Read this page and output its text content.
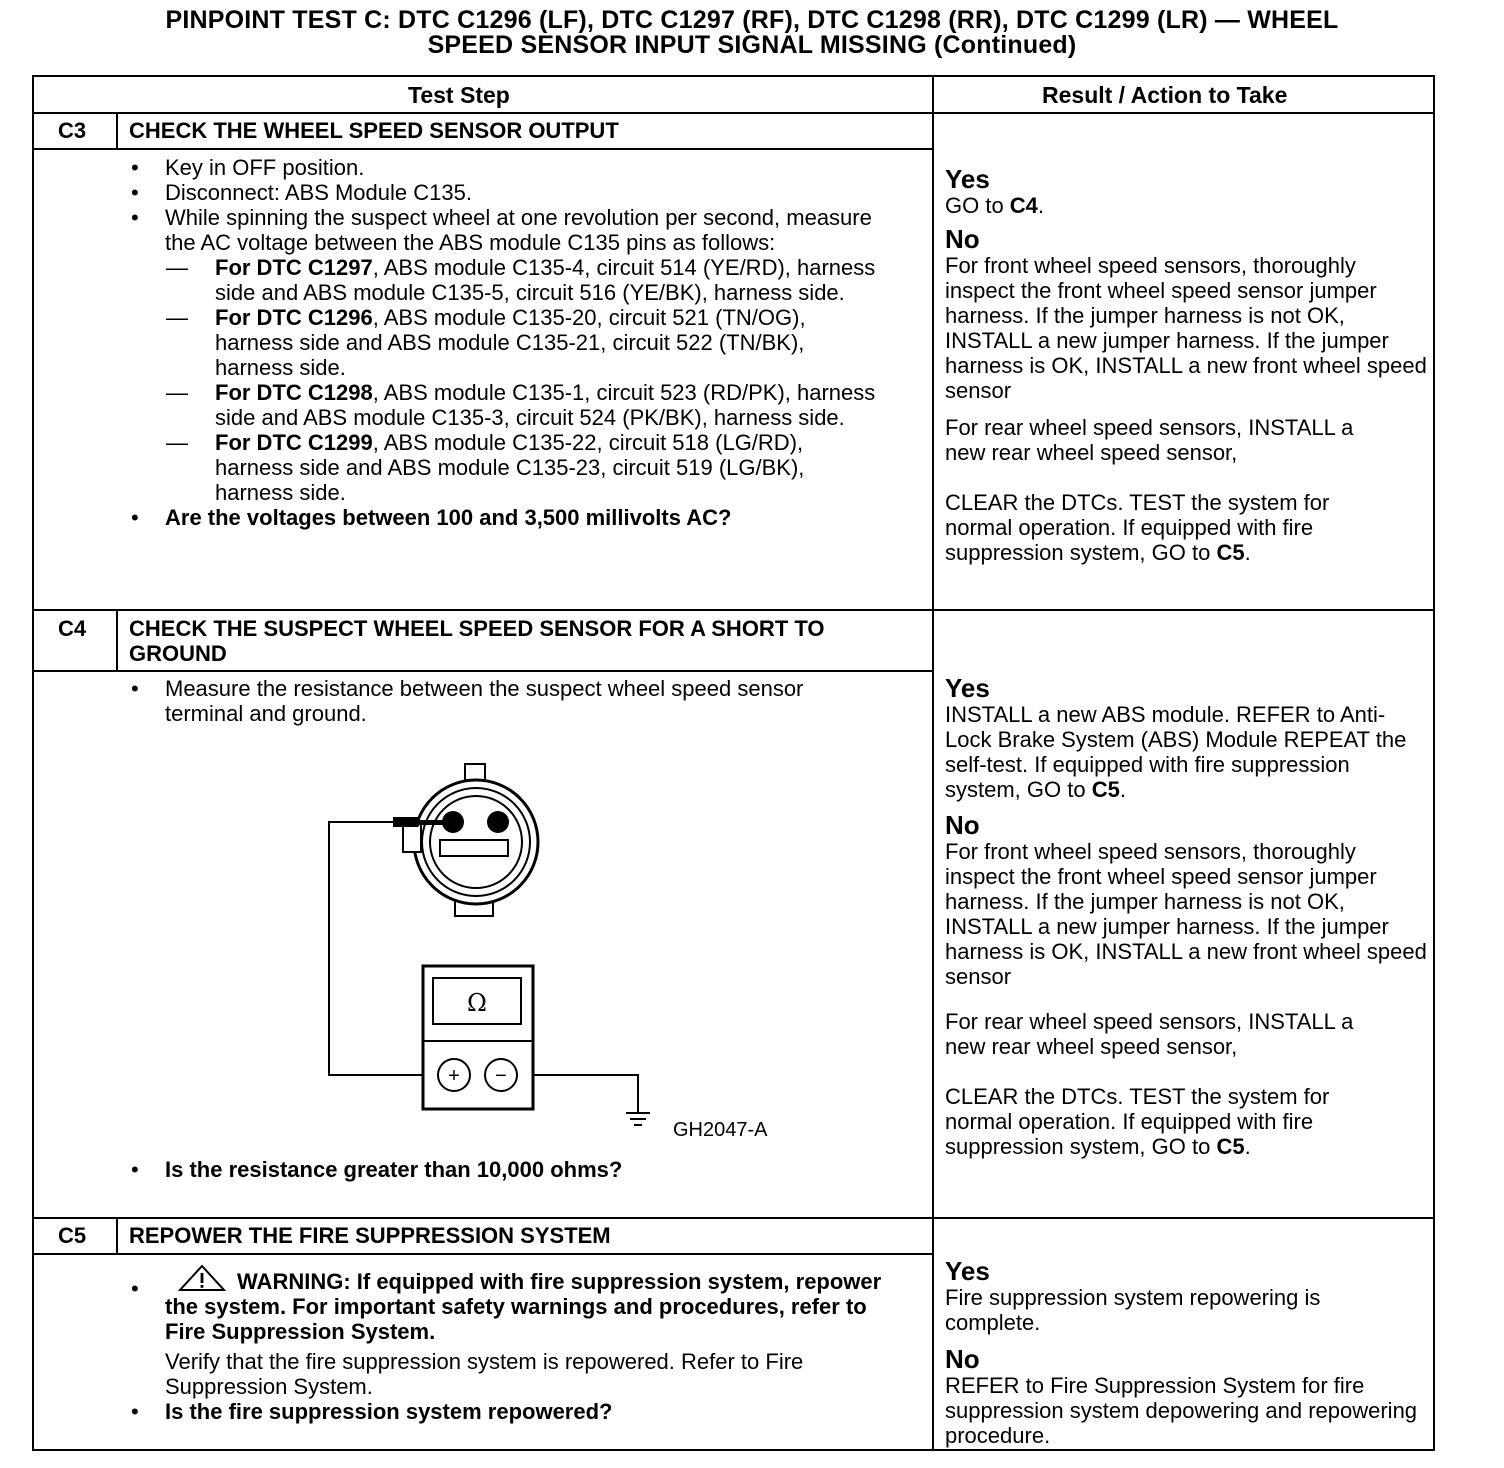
PINPOINT TEST C: DTC C1296 (LF), DTC C1297 (RF), DTC C1298 (RR), DTC C1299 (LR) — WHEEL
SPEED SENSOR INPUT SIGNAL MISSING (Continued)
Test Step	Result / Action to Take
C3 CHECK THE WHEEL SPEED SENSOR OUTPUT
• Key in OFF position.
• Disconnect: ABS Module C135.
• While spinning the suspect wheel at one revolution per second, measure the AC voltage between the ABS module C135 pins as follows:
— For DTC C1297, ABS module C135-4, circuit 514 (YE/RD), harness side and ABS module C135-5, circuit 516 (YE/BK), harness side.
— For DTC C1296, ABS module C135-20, circuit 521 (TN/OG), harness side and ABS module C135-21, circuit 522 (TN/BK), harness side.
— For DTC C1298, ABS module C135-1, circuit 523 (RD/PK), harness side and ABS module C135-3, circuit 524 (PK/BK), harness side.
— For DTC C1299, ABS module C135-22, circuit 518 (LG/RD), harness side and ABS module C135-23, circuit 519 (LG/BK), harness side.
• Are the voltages between 100 and 3,500 millivolts AC?
Yes
GO to C4.
No
For front wheel speed sensors, thoroughly inspect the front wheel speed sensor jumper harness. If the jumper harness is not OK, INSTALL a new jumper harness. If the jumper harness is OK, INSTALL a new front wheel speed sensor
For rear wheel speed sensors, INSTALL a new rear wheel speed sensor,
CLEAR the DTCs. TEST the system for normal operation. If equipped with fire suppression system, GO to C5.
C4 CHECK THE SUSPECT WHEEL SPEED SENSOR FOR A SHORT TO GROUND
• Measure the resistance between the suspect wheel speed sensor terminal and ground.
Ω
+ −
GH2047-A
• Is the resistance greater than 10,000 ohms?
Yes
INSTALL a new ABS module. REFER to Anti-Lock Brake System (ABS) Module REPEAT the self-test. If equipped with fire suppression system, GO to C5.
No
For front wheel speed sensors, thoroughly inspect the front wheel speed sensor jumper harness. If the jumper harness is not OK, INSTALL a new jumper harness. If the jumper harness is OK, INSTALL a new front wheel speed sensor
For rear wheel speed sensors, INSTALL a new rear wheel speed sensor,
CLEAR the DTCs. TEST the system for normal operation. If equipped with fire suppression system, GO to C5.
C5 REPOWER THE FIRE SUPPRESSION SYSTEM
•	WARNING: If equipped with fire suppression system, repower the system. For important safety warnings and procedures, refer to Fire Suppression System.
Verify that the fire suppression system is repowered. Refer to Fire Suppression System.
• Is the fire suppression system repowered?
Yes
Fire suppression system repowering is complete.
No
REFER to Fire Suppression System for fire suppression system depowering and repowering procedure.
